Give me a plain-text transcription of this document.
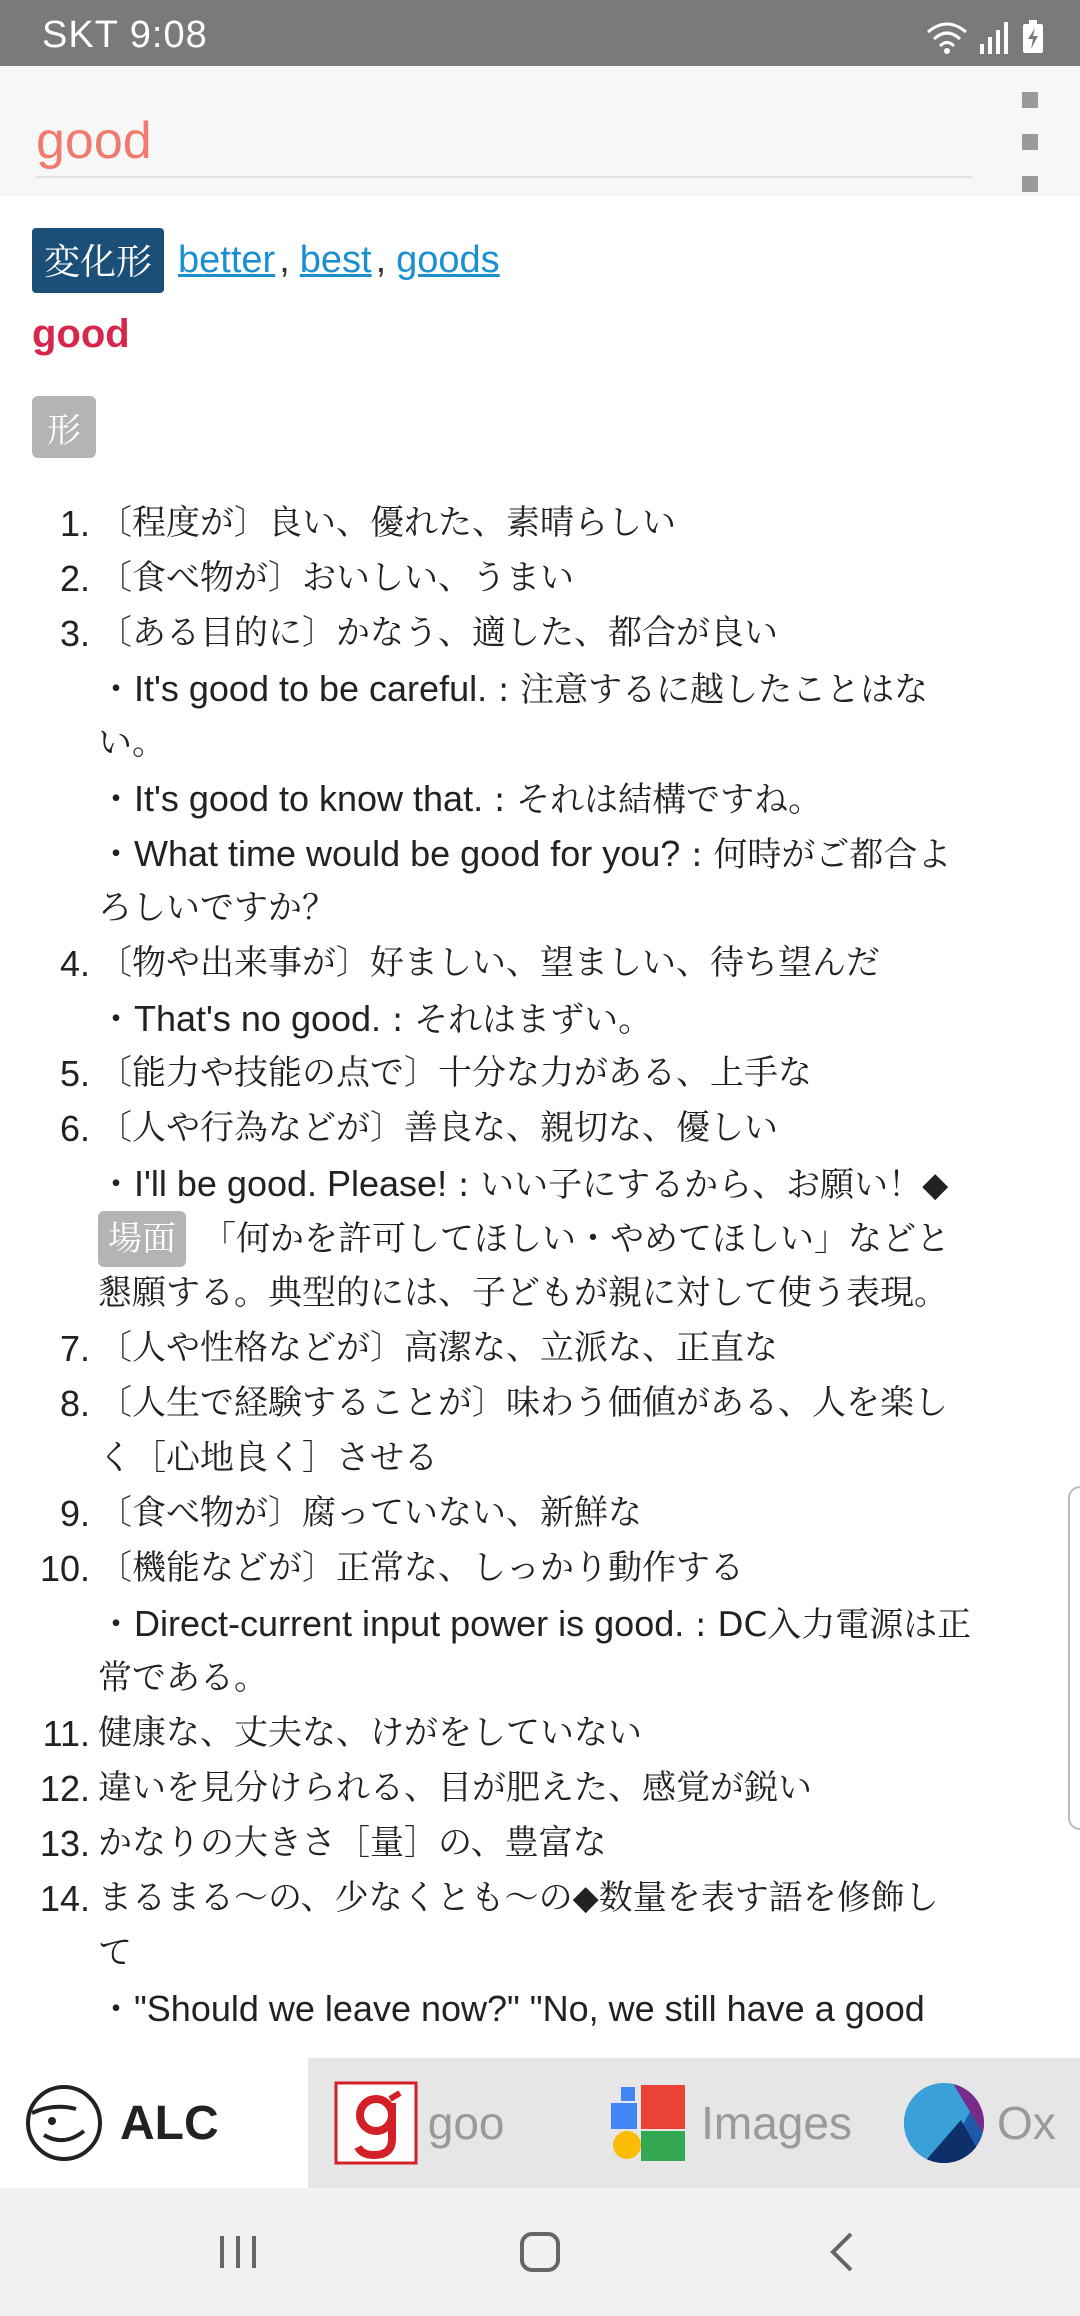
SKT 9:08
good
変化形 better , best , goods
good
形
1. 〔程度が〕良い、優れた、素晴らしい
2. 〔食べ物が〕おいしい、うまい
3. 〔ある目的に〕かなう、適した、都合が良い
・It's good to be careful. : 注意するに越したことはな
い。
・It's good to know that. : それは結構ですね。
・What time would be good for you? : 何時がご都合よ
ろしいですか？
4. 〔物や出来事が〕好ましい、望ましい、待ち望んだ
・That's no good. : それはまずい。
5. 〔能力や技能の点で〕十分な力がある、上手な
6. 〔人や行為などが〕善良な、親切な、優しい
・I'll be good. Please! : いい子にするから、お願い！◆
場面 「何かを許可してほしい・やめてほしい」などと
懇願する。典型的には、子どもが親に対して使う表現。
7. 〔人や性格などが〕高潔な、立派な、正直な
8. 〔人生で経験することが〕味わう価値がある、人を楽し
く［心地良く］させる
9. 〔食べ物が〕腐っていない、新鮮な
10. 〔機能などが〕正常な、しっかり動作する
・Direct-current input power is good. : DC入力電源は正
常である。
11. 健康な、丈夫な、けがをしていない
12. 違いを見分けられる、目が肥えた、感覚が鋭い
13. かなりの大きさ［量］の、豊富な
14. まるまる〜の、少なくとも〜の◆数量を表す語を修飾し
て
・"Should we leave now?" "No, we still have a good
ALC	goo	Images	Ox
